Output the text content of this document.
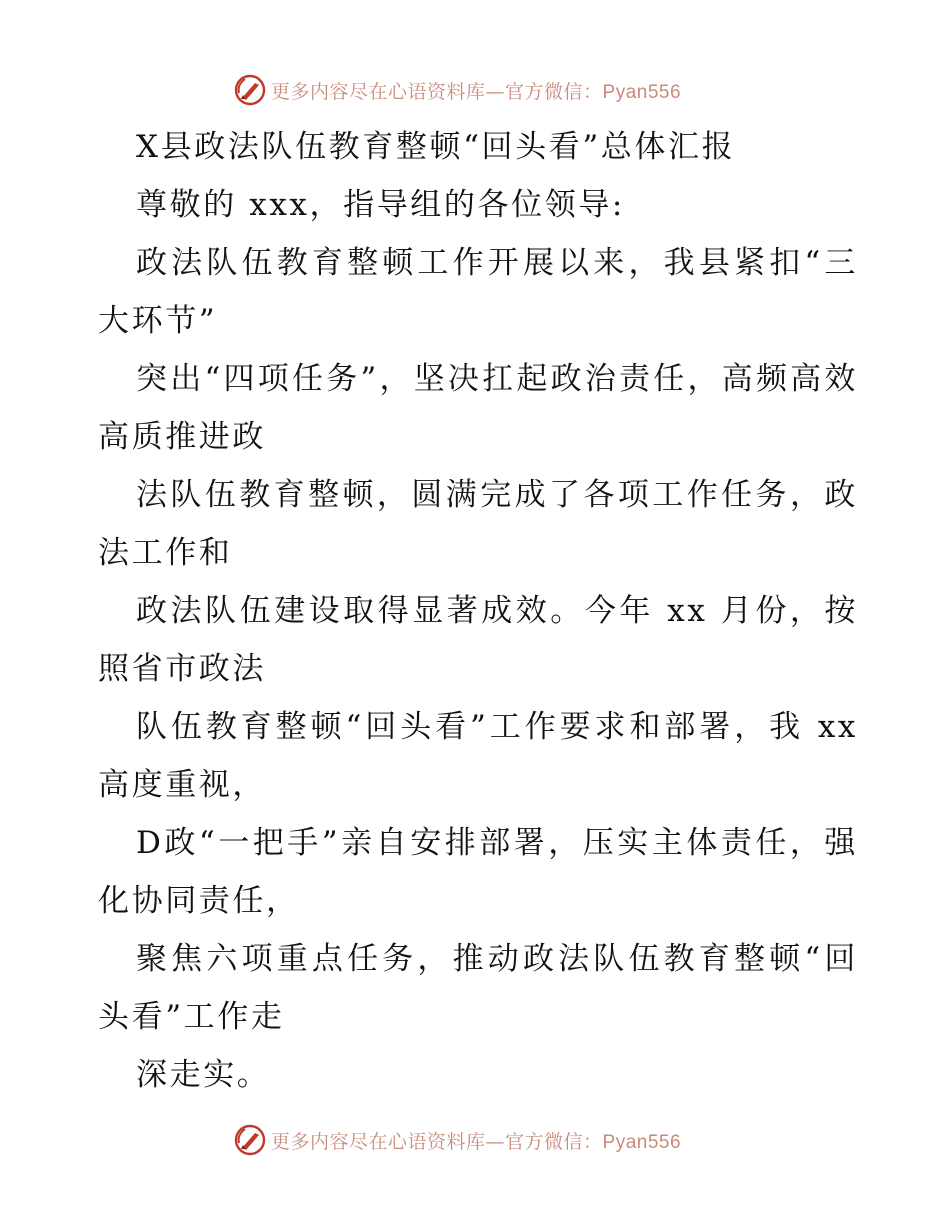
更多内容尽在心语资料库—官方微信：Pyan556

X县政法队伍教育整顿“回头看”总体汇报

尊敬的 xxx，指导组的各位领导:

政法队伍教育整顿工作开展以来，我县紧扣“三大环节”

突出“四项任务”，坚决扛起政治责任，高频高效高质推进政

法队伍教育整顿，圆满完成了各项工作任务，政法工作和

政法队伍建设取得显著成效。今年 xx 月份，按照省市政法

队伍教育整顿“回头看”工作要求和部署，我 xx 高度重视，

D政“一把手”亲自安排部署，压实主体责任，强化协同责任，

聚焦六项重点任务，推动政法队伍教育整顿“回头看”工作走

深走实。

更多内容尽在心语资料库—官方微信：Pyan556
